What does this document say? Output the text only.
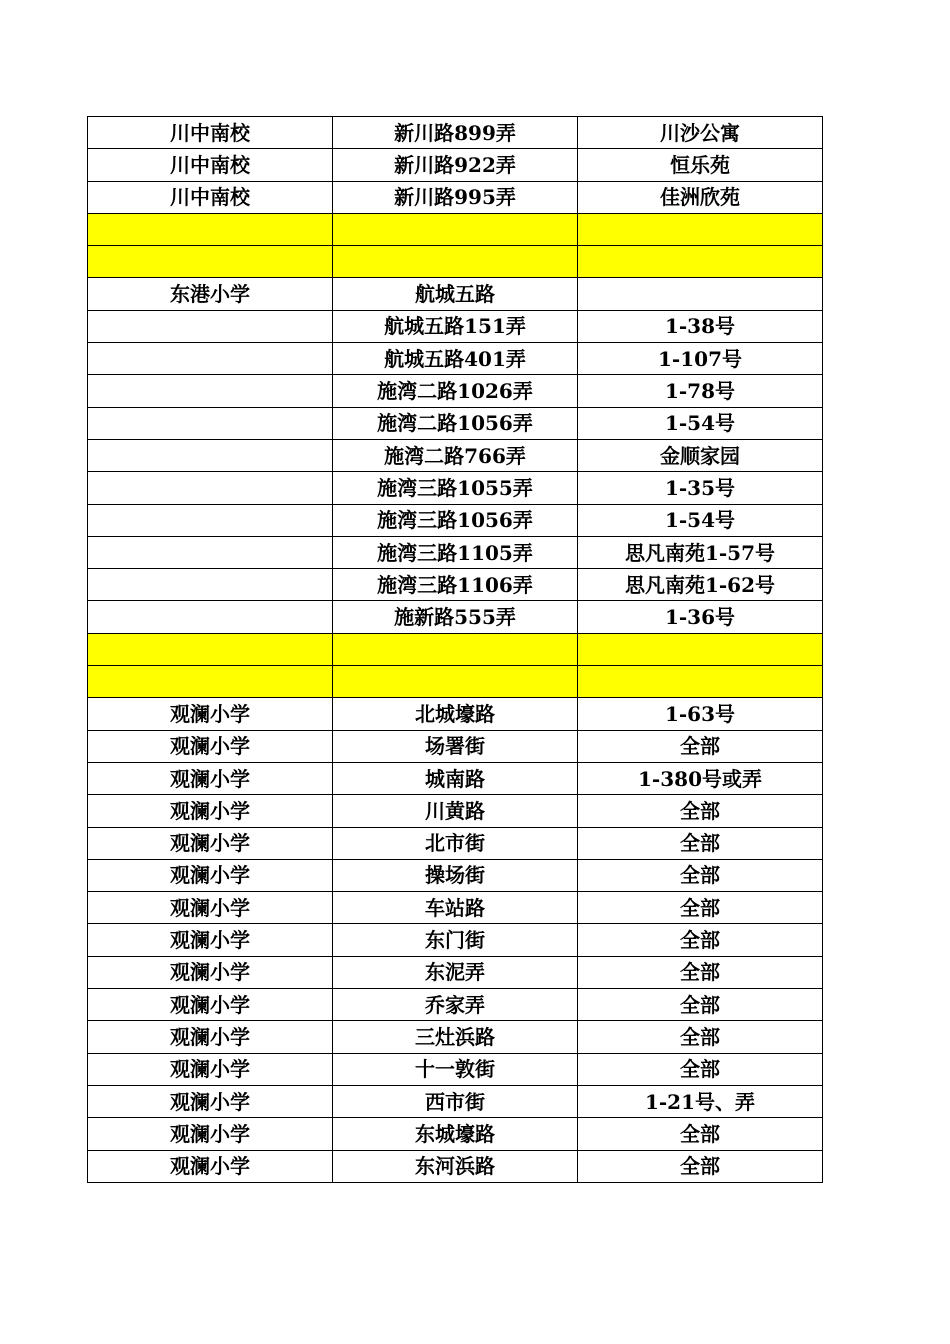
川中南校	新川路899弄	川沙公寓
川中南校	新川路922弄	恒乐苑
川中南校	新川路995弄	佳洲欣苑

东港小学	航城五路	
	航城五路151弄	1-38号
	航城五路401弄	1-107号
	施湾二路1026弄	1-78号
	施湾二路1056弄	1-54号
	施湾二路766弄	金顺家园
	施湾三路1055弄	1-35号
	施湾三路1056弄	1-54号
	施湾三路1105弄	思凡南苑1-57号
	施湾三路1106弄	思凡南苑1-62号
	施新路555弄	1-36号

观澜小学	北城壕路	1-63号
观澜小学	场署街	全部
观澜小学	城南路	1-380号或弄
观澜小学	川黄路	全部
观澜小学	北市街	全部
观澜小学	操场街	全部
观澜小学	车站路	全部
观澜小学	东门街	全部
观澜小学	东泥弄	全部
观澜小学	乔家弄	全部
观澜小学	三灶浜路	全部
观澜小学	十一敦街	全部
观澜小学	西市街	1-21号、弄
观澜小学	东城壕路	全部
观澜小学	东河浜路	全部
